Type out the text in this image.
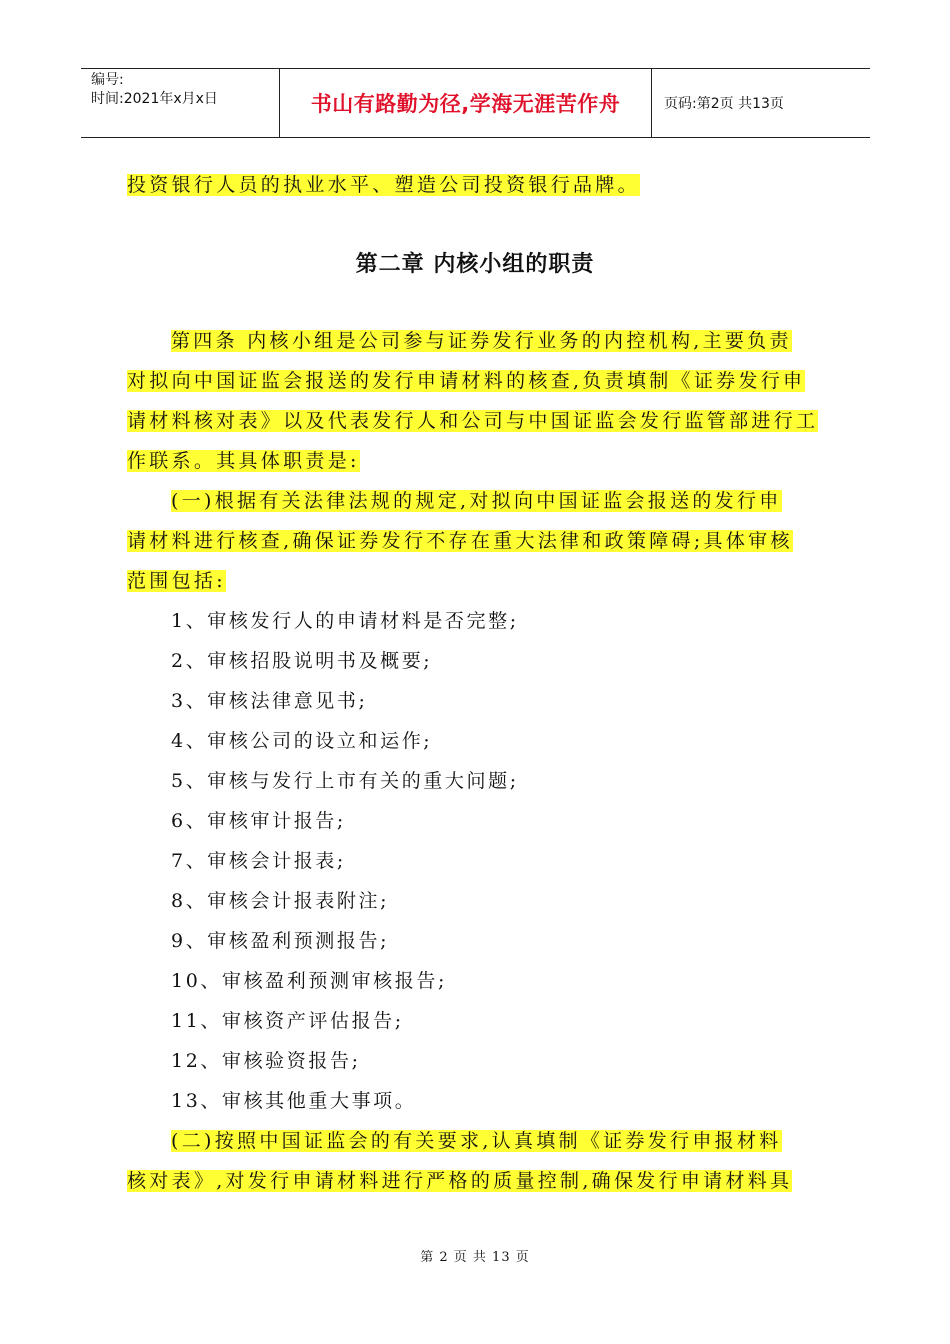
编号:
时间:2021年x月x日	书山有路勤为径,学海无涯苦作舟	页码:第2页 共13页
投资银行人员的执业水平、塑造公司投资银行品牌。
第二章 内核小组的职责
第四条 内核小组是公司参与证券发行业务的内控机构,主要负责
对拟向中国证监会报送的发行申请材料的核查,负责填制《证券发行申
请材料核对表》以及代表发行人和公司与中国证监会发行监管部进行工
作联系。其具体职责是:
(一)根据有关法律法规的规定,对拟向中国证监会报送的发行申
请材料进行核查,确保证券发行不存在重大法律和政策障碍;具体审核
范围包括:
1、审核发行人的申请材料是否完整;
2、审核招股说明书及概要;
3、审核法律意见书;
4、审核公司的设立和运作;
5、审核与发行上市有关的重大问题;
6、审核审计报告;
7、审核会计报表;
8、审核会计报表附注;
9、审核盈利预测报告;
10、审核盈利预测审核报告;
11、审核资产评估报告;
12、审核验资报告;
13、审核其他重大事项。
(二)按照中国证监会的有关要求,认真填制《证券发行申报材料
核对表》,对发行申请材料进行严格的质量控制,确保发行申请材料具
第 2 页 共 13 页
